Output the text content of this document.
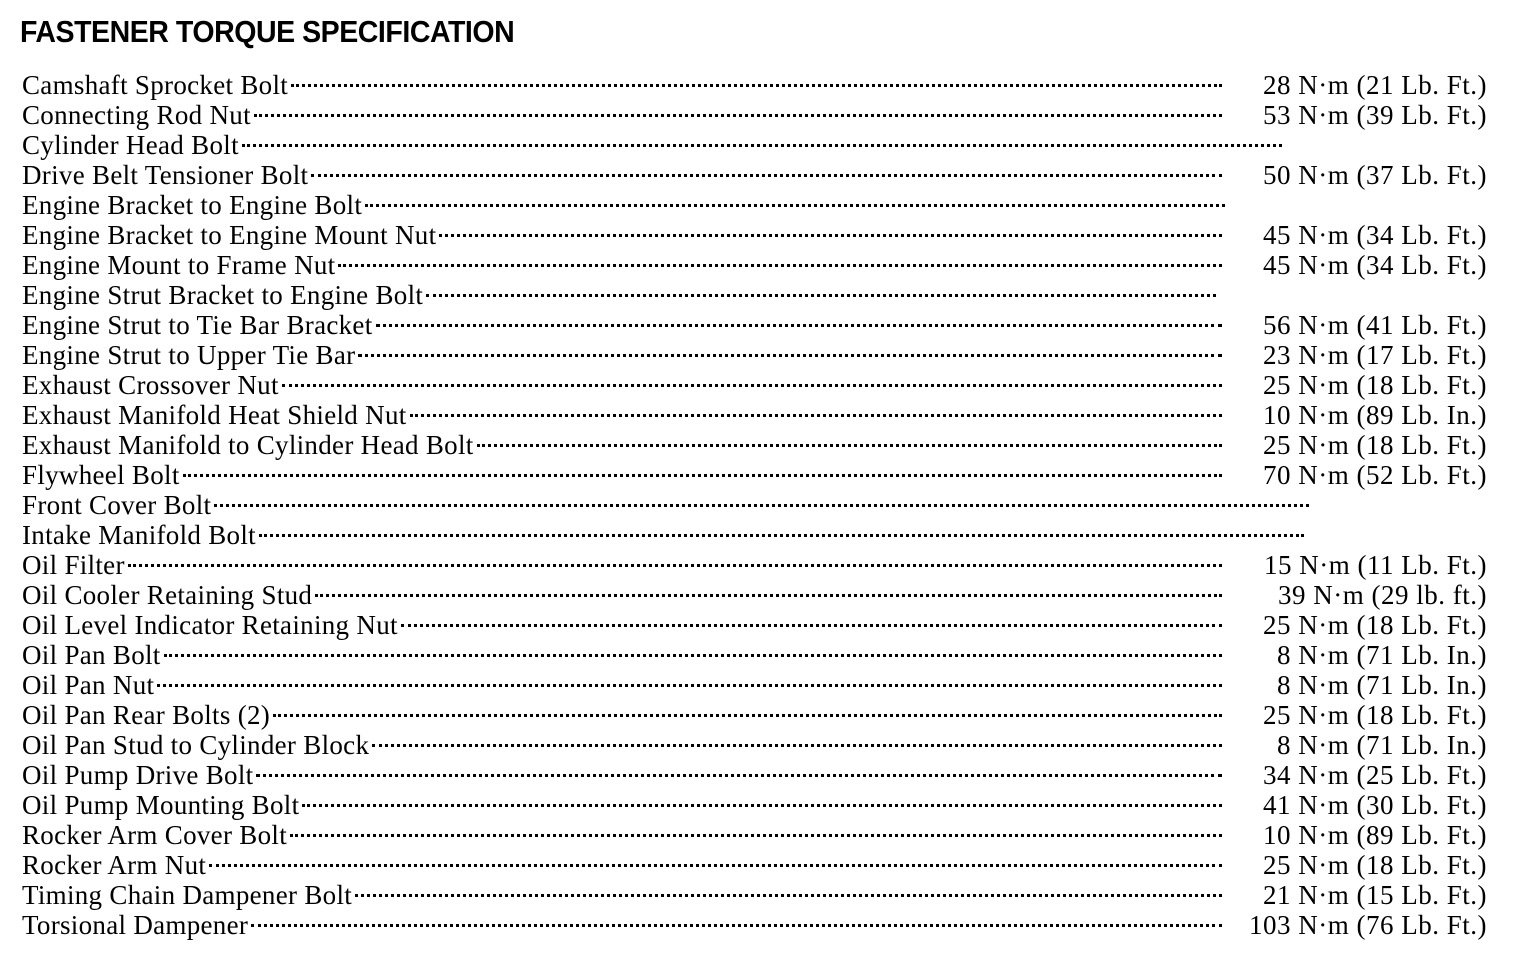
FASTENER TORQUE SPECIFICATION
Camshaft Sprocket Bolt	28 N·m (21 Lb. Ft.)
Connecting Rod Nut	53 N·m (39 Lb. Ft.)
Cylinder Head Bolt
Drive Belt Tensioner Bolt	50 N·m (37 Lb. Ft.)
Engine Bracket to Engine Bolt
Engine Bracket to Engine Mount Nut	45 N·m (34 Lb. Ft.)
Engine Mount to Frame Nut	45 N·m (34 Lb. Ft.)
Engine Strut Bracket to Engine Bolt
Engine Strut to Tie Bar Bracket	56 N·m (41 Lb. Ft.)
Engine Strut to Upper Tie Bar	23 N·m (17 Lb. Ft.)
Exhaust Crossover Nut	25 N·m (18 Lb. Ft.)
Exhaust Manifold Heat Shield Nut	10 N·m (89 Lb. In.)
Exhaust Manifold to Cylinder Head Bolt	25 N·m (18 Lb. Ft.)
Flywheel Bolt	70 N·m (52 Lb. Ft.)
Front Cover Bolt
Intake Manifold Bolt
Oil Filter	15 N·m (11 Lb. Ft.)
Oil Cooler Retaining Stud	39 N·m (29 lb. ft.)
Oil Level Indicator Retaining Nut	25 N·m (18 Lb. Ft.)
Oil Pan Bolt	8 N·m (71 Lb. In.)
Oil Pan Nut	8 N·m (71 Lb. In.)
Oil Pan Rear Bolts (2)	25 N·m (18 Lb. Ft.)
Oil Pan Stud to Cylinder Block	8 N·m (71 Lb. In.)
Oil Pump Drive Bolt	34 N·m (25 Lb. Ft.)
Oil Pump Mounting Bolt	41 N·m (30 Lb. Ft.)
Rocker Arm Cover Bolt	10 N·m (89 Lb. Ft.)
Rocker Arm Nut	25 N·m (18 Lb. Ft.)
Timing Chain Dampener Bolt	21 N·m (15 Lb. Ft.)
Torsional Dampener	103 N·m (76 Lb. Ft.)
